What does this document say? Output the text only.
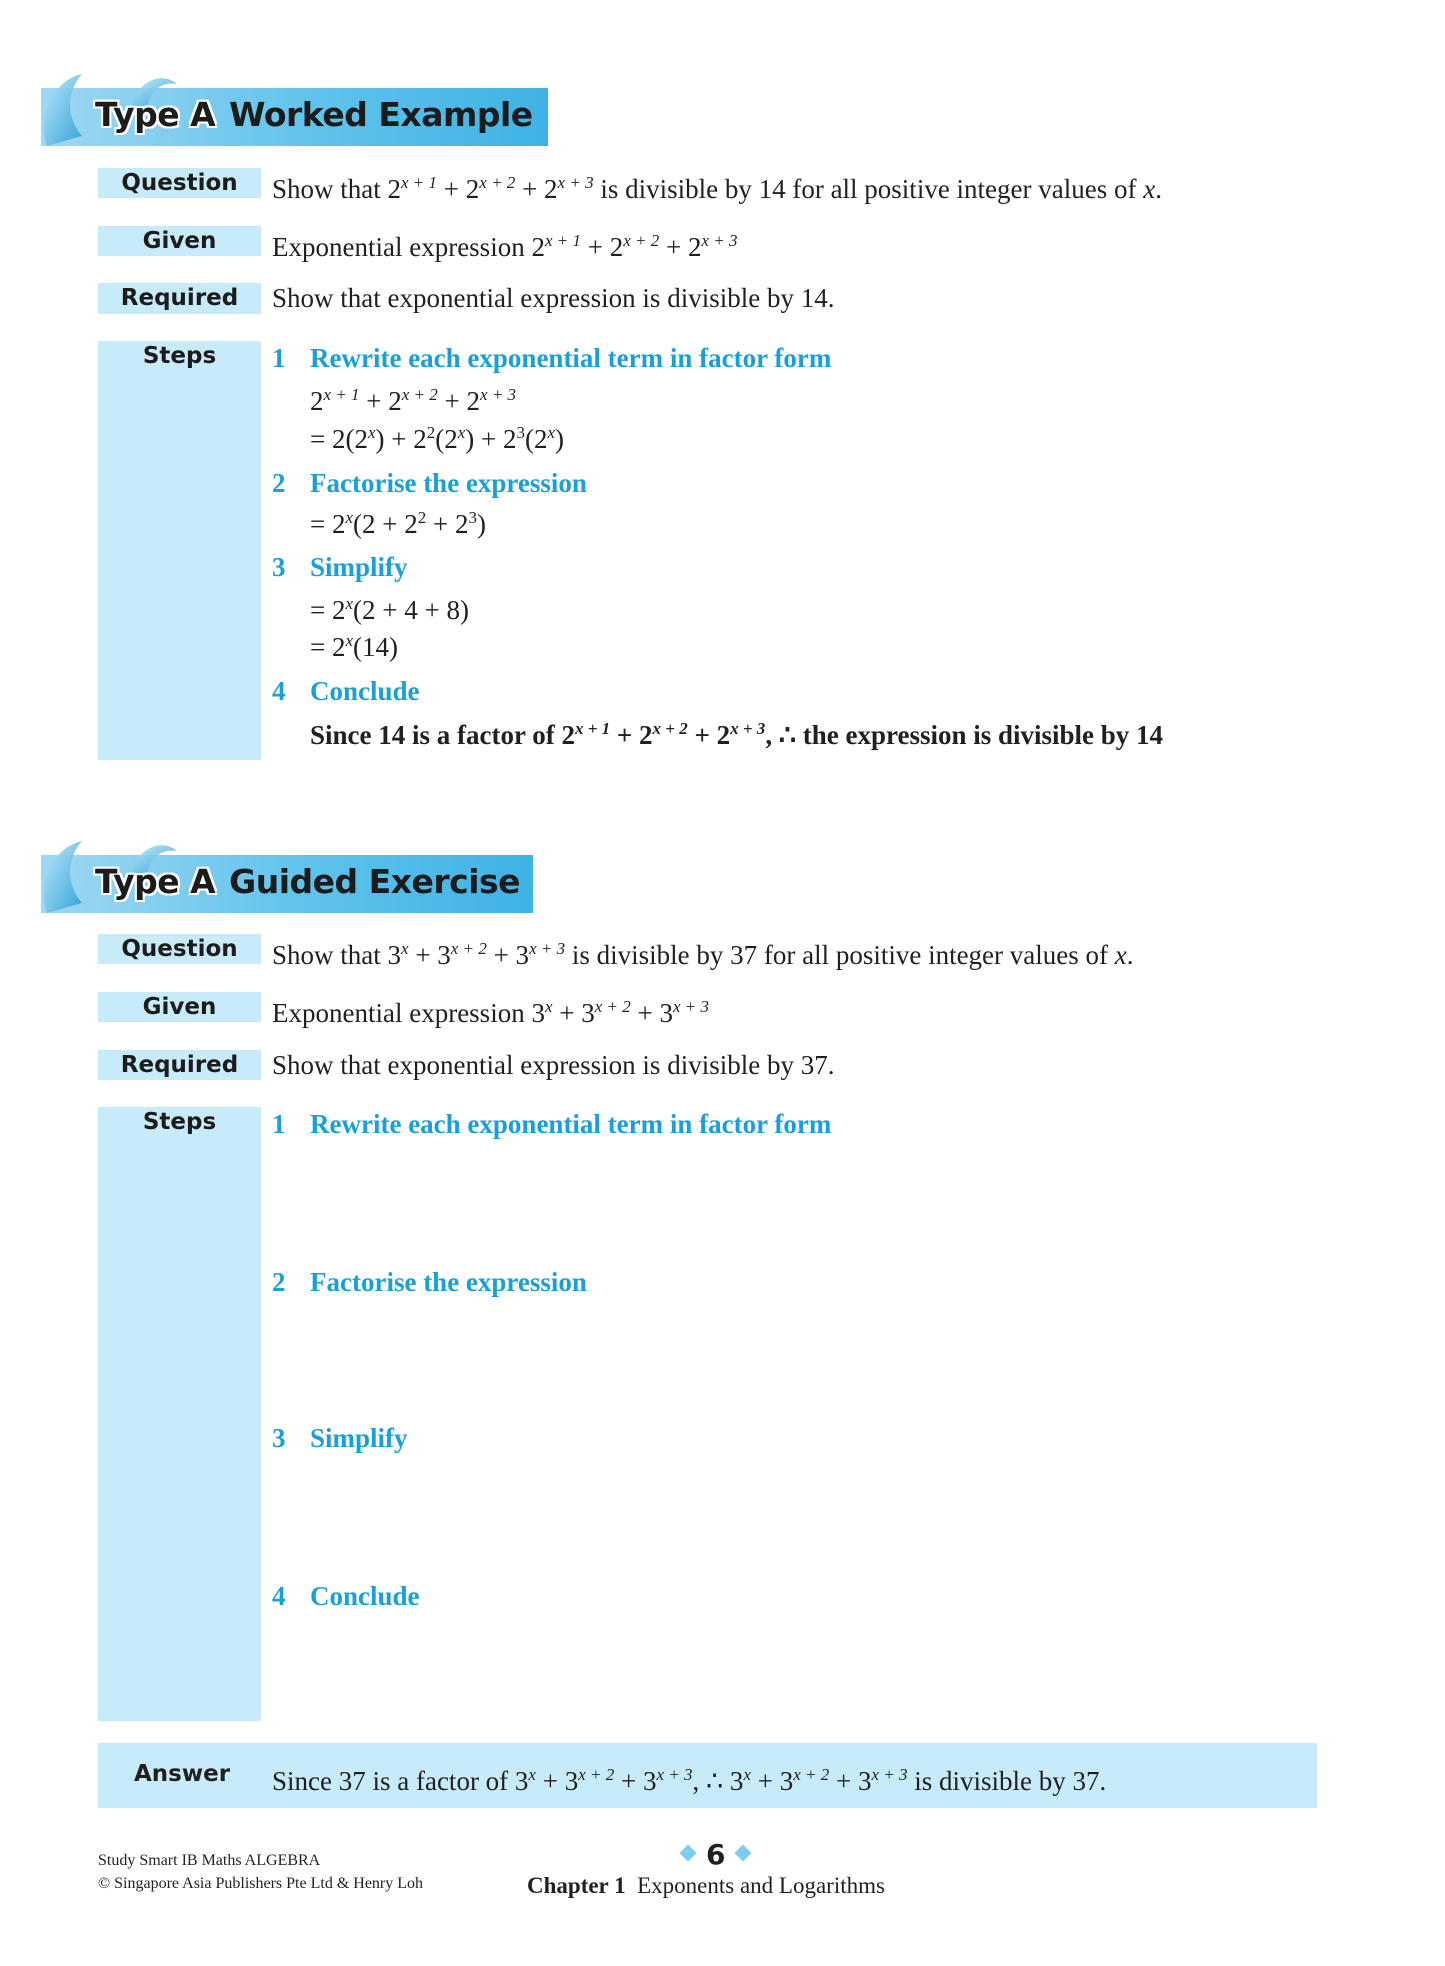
Type A Worked Example
Question	Show that $2^{x + 1} + 2^{x + 2} + 2^{x + 3}$ is divisible by 14 for all positive integer values of x.
Given	Exponential expression $2^{x + 1} + 2^{x + 2} + 2^{x + 3}$
Required	Show that exponential expression is divisible by 14.
Steps	1 Rewrite each exponential term in factor form
$2^{x + 1} + 2^{x + 2} + 2^{x + 3}$
= $2(2^x) + 2^2(2^x) + 2^3(2^x)$
2 Factorise the expression
= $2^x(2 + 2^2 + 2^3)$
3 Simplify
= $2^x(2 + 4 + 8)$
= $2^x(14)$
4 Conclude
Since 14 is a factor of $2^{x + 1} + 2^{x + 2} + 2^{x + 3}$, ∴ the expression is divisible by 14
Type A Guided Exercise
Question	Show that $3^x + 3^{x + 2} + 3^{x + 3}$ is divisible by 37 for all positive integer values of x.
Given	Exponential expression $3^x + 3^{x + 2} + 3^{x + 3}$
Required	Show that exponential expression is divisible by 37.
Steps	1 Rewrite each exponential term in factor form
2 Factorise the expression
3 Simplify
4 Conclude
Answer Since 37 is a factor of $3^x + 3^{x + 2} + 3^{x + 3}$, ∴ $3^x + 3^{x + 2} + 3^{x + 3}$ is divisible by 37.
Study Smart IB Maths ALGEBRA
© Singapore Asia Publishers Pte Ltd & Henry Loh
6
Chapter 1 Exponents and Logarithms
